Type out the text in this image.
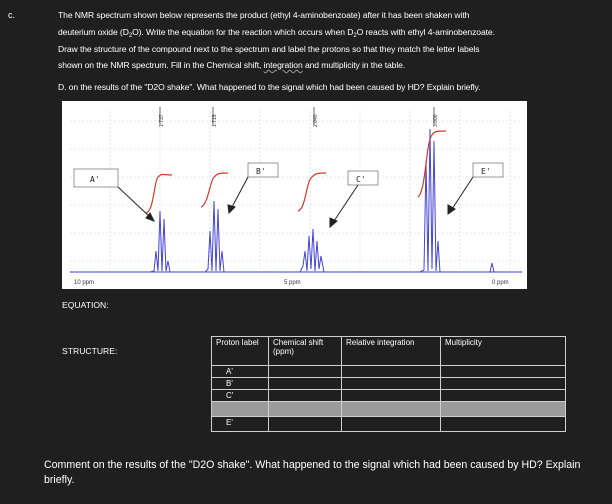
c.	The NMR spectrum shown below represents the product (ethyl 4-aminobenzoate) after it has been shaken with
deuterium oxide $(D_2O)$. Write the equation for the reaction which occurs when $D_2O$ reacts with ethyl 4-aminobenzoate.
Draw the structure of the compound next to the spectrum and label the protons so that they match the letter labels
shown on the NMR spectrum. Fill in the Chemical shift, integration and multiplicity in the table.
D. on the results of the "D2O shake". What happened to the signal which had been caused by HD? Explain briefly.
1.737	1.715	2.040	3.000
A'
B'
C'
E'
10 ppm	5 ppm	0 ppm
EQUATION:
STRUCTURE:
Proton label	Chemical shift (ppm)	Relative integration	Multiplicity
A'			
B'			
C'			

E'			
Comment on the results of the "D2O shake". What happened to the signal which had been caused by HD? Explain briefly.
